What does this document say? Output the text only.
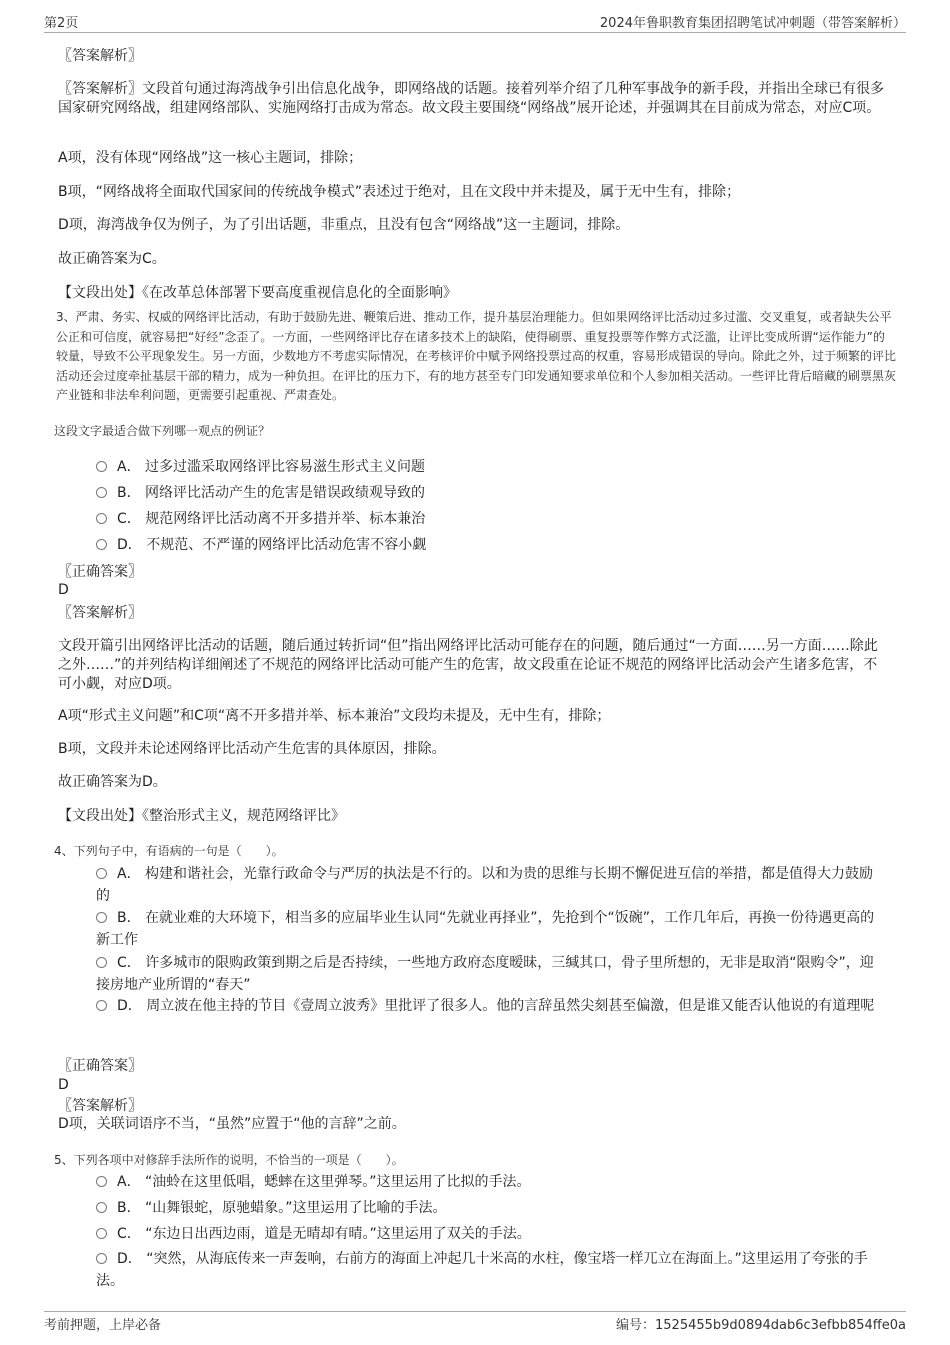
第2页	2024年鲁职教育集团招聘笔试冲刺题（带答案解析）
〖答案解析〗
〖答案解析〗文段首句通过海湾战争引出信息化战争，即网络战的话题。接着列举介绍了几种军事战争的新手段，并指出全球已有很多国家研究网络战，组建网络部队、实施网络打击成为常态。故文段主要围绕“网络战”展开论述，并强调其在目前成为常态，对应C项。
A项，没有体现“网络战”这一核心主题词，排除；
B项，“网络战将全面取代国家间的传统战争模式”表述过于绝对，且在文段中并未提及，属于无中生有，排除；
D项，海湾战争仅为例子，为了引出话题，非重点，且没有包含“网络战”这一主题词，排除。
故正确答案为C。
【文段出处】《在改革总体部署下要高度重视信息化的全面影响》
3、严肃、务实、权威的网络评比活动，有助于鼓励先进、鞭策后进、推动工作，提升基层治理能力。但如果网络评比活动过多过滥、交叉重复，或者缺失公平公正和可信度，就容易把“好经”念歪了。一方面，一些网络评比存在诸多技术上的缺陷，使得刷票、重复投票等作弊方式泛滥，让评比变成所谓“运作能力”的较量，导致不公平现象发生。另一方面，少数地方不考虑实际情况，在考核评价中赋予网络投票过高的权重，容易形成错误的导向。除此之外，过于频繁的评比活动还会过度牵扯基层干部的精力，成为一种负担。在评比的压力下，有的地方甚至专门印发通知要求单位和个人参加相关活动。一些评比背后暗藏的刷票黑灰产业链和非法牟利问题，更需要引起重视、严肃查处。
这段文字最适合做下列哪一观点的例证？
A． 过多过滥采取网络评比容易滋生形式主义问题
B． 网络评比活动产生的危害是错误政绩观导致的
C． 规范网络评比活动离不开多措并举、标本兼治
D． 不规范、不严谨的网络评比活动危害不容小觑
〖正确答案〗
D
〖答案解析〗
文段开篇引出网络评比活动的话题，随后通过转折词“但”指出网络评比活动可能存在的问题，随后通过“一方面……另一方面……除此之外……”的并列结构详细阐述了不规范的网络评比活动可能产生的危害，故文段重在论证不规范的网络评比活动会产生诸多危害，不可小觑，对应D项。
A项“形式主义问题”和C项“离不开多措并举、标本兼治”文段均未提及，无中生有，排除；
B项，文段并未论述网络评比活动产生危害的具体原因，排除。
故正确答案为D。
【文段出处】《整治形式主义，规范网络评比》
4、下列句子中，有语病的一句是（　　）。
A． 构建和谐社会，光靠行政命令与严厉的执法是不行的。以和为贵的思维与长期不懈促进互信的举措，都是值得大力鼓励的
B． 在就业难的大环境下，相当多的应届毕业生认同“先就业再择业”，先抢到个“饭碗”，工作几年后，再换一份待遇更高的新工作
C． 许多城市的限购政策到期之后是否持续，一些地方政府态度暧昧，三缄其口，骨子里所想的，无非是取消“限购令”，迎接房地产业所谓的“春天”
D． 周立波在他主持的节目《壹周立波秀》里批评了很多人。他的言辞虽然尖刻甚至偏激，但是谁又能否认他说的有道理呢
〖正确答案〗
D
〖答案解析〗
D项，关联词语序不当，“虽然”应置于“他的言辞”之前。
5、下列各项中对修辞手法所作的说明，不恰当的一项是（　　）。
A． “油蛉在这里低唱，蟋蟀在这里弹琴。”这里运用了比拟的手法。
B． “山舞银蛇，原驰蜡象。”这里运用了比喻的手法。
C． “东边日出西边雨，道是无晴却有晴。”这里运用了双关的手法。
D． “突然，从海底传来一声轰响，右前方的海面上冲起几十米高的水柱，像宝塔一样兀立在海面上。”这里运用了夸张的手法。
考前押题，上岸必备	编号：1525455b9d0894dab6c3efbb854ffe0a
